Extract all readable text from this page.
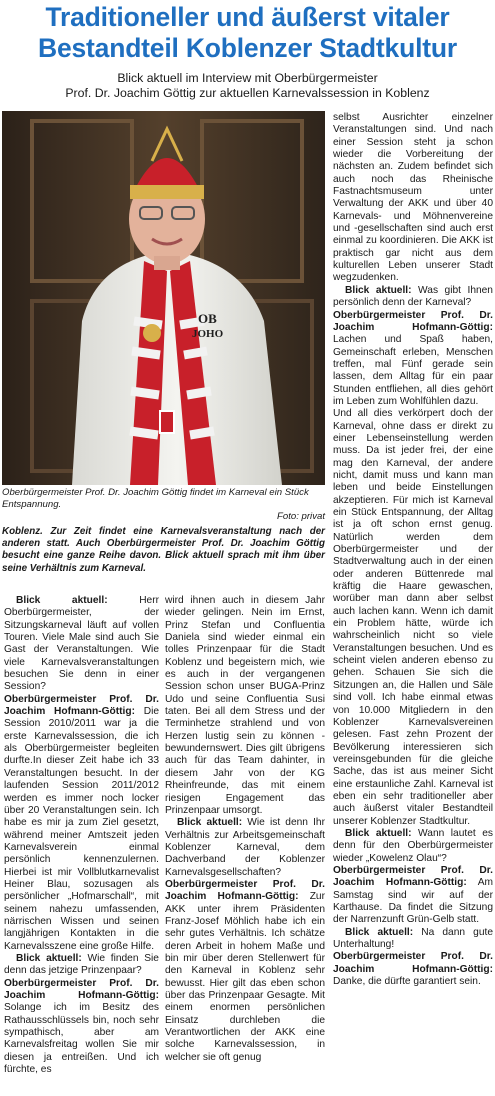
Traditioneller und äußerst vitaler
Bestandteil Koblenzer Stadtkultur
Blick aktuell im Interview mit Oberbürgermeister
Prof. Dr. Joachim Göttig zur aktuellen Karnevalssession in Koblenz
OB
JOHO
Oberbürgermeister Prof. Dr. Joachim Göttig findet im Karneval ein Stück Entspannung.
Foto: privat
Koblenz. Zur Zeit findet eine Karnevalsveranstaltung nach der anderen statt. Auch Oberbürgermeister Prof. Dr. Joachim Göttig besucht eine ganze Reihe davon. Blick aktuell sprach mit ihm über seine Verhältnis zum Karneval.

Blick aktuell: Herr Oberbürgermeister, der Sitzungskarneval läuft auf vollen Touren. Viele Male sind auch Sie Gast der Veranstaltungen. Wie viele Karnevalsveranstaltungen besuchen Sie denn in einer Session?

Oberbürgermeister Prof. Dr. Joachim Hofmann-Göttig: Die Session 2010/2011 war ja die erste Karnevalssession, die ich als Oberbürgermeister begleiten durfte.In dieser Zeit habe ich 33 Veranstaltungen besucht. In der laufenden Session 2011/2012 werden es immer noch locker über 20 Veranstaltungen sein. Ich habe es mir ja zum Ziel gesetzt, während meiner Amtszeit jeden Karnevalsverein einmal persönlich kennenzulernen. Hierbei ist mir Vollblutkarnevalist Heiner Blau, sozusagen als persönlicher „Hofmarschall“, mit seinem nahezu umfassenden, närrischen Wissen und seinen langjährigen Kontakten in die Karnevalsszene eine große Hilfe.

Blick aktuell: Wie finden Sie denn das jetzige Prinzenpaar?

Oberbürgermeister Prof. Dr. Joachim Hofmann-Göttig: Solange ich im Besitz des Rathausschlüssels bin, noch sehr sympathisch, aber am Karnevalsfreitag wollen Sie mir diesen ja entreißen. Und ich fürchte, es

wird ihnen auch in diesem Jahr wieder gelingen. Nein im Ernst, Prinz Stefan und Confluentia Daniela sind wieder einmal ein tolles Prinzenpaar für die Stadt Koblenz und begeistern mich, wie es auch in der vergangenen Session schon unser BUGA-Prinz Udo und seine Confluentia Susi taten. Bei all dem Stress und der Terminhetze strahlend und von Herzen lustig sein zu können - bewundernswert. Dies gilt übrigens auch für das Team dahinter, in diesem Jahr von der KG Rheinfreunde, das mit einem riesigen Engagement das Prinzenpaar umsorgt.

Blick aktuell: Wie ist denn Ihr Verhältnis zur Arbeitsgemeinschaft Koblenzer Karneval, dem Dachverband der Koblenzer Karnevalsgesellschaften?

Oberbürgermeister Prof. Dr. Joachim Hofmann-Göttig: Zur AKK unter ihrem Präsidenten Franz-Josef Möhlich habe ich ein sehr gutes Verhältnis. Ich schätze deren Arbeit in hohem Maße und bin mir über deren Stellenwert für den Karneval in Koblenz sehr bewusst. Hier gilt das eben schon über das Prinzenpaar Gesagte. Mit einem enormen persönlichen Einsatz durchleben die Verantwortlichen der AKK eine solche Karnevalssession, in welcher sie oft genug

selbst Ausrichter einzelner Veranstaltungen sind. Und nach einer Session steht ja schon wieder die Vorbereitung der nächsten an. Zudem befindet sich auch noch das Rheinische Fastnachtsmuseum unter Verwaltung der AKK und über 40 Karnevals- und Möhnenvereine und -gesellschaften sind auch erst einmal zu koordinieren. Die AKK ist praktisch gar nicht aus dem kulturellen Leben unserer Stadt wegzudenken.

Blick aktuell: Was gibt Ihnen persönlich denn der Karneval?

Oberbürgermeister Prof. Dr. Joachim Hofmann-Göttig: Lachen und Spaß haben, Gemeinschaft erleben, Menschen treffen, mal Fünf gerade sein lassen, dem Alltag für ein paar Stunden entfliehen, all dies gehört im Leben zum Wohlfühlen dazu.

Und all dies verkörpert doch der Karneval, ohne dass er direkt zu einer Lebenseinstellung werden muss. Da ist jeder frei, der eine mag den Karneval, der andere nicht, damit muss und kann man leben und beide Einstellungen akzeptieren. Für mich ist Karneval ein Stück Entspannung, der Alltag ist ja oft schon ernst genug. Natürlich werden dem Oberbürgermeister und der Stadtverwaltung auch in der einen oder anderen Büttenrede mal kräftig die Haare gewaschen, worüber man dann aber selbst auch lachen kann. Wenn ich damit ein Problem hätte, würde ich wahrscheinlich nicht so viele Veranstaltungen besuchen. Und es scheint vielen anderen ebenso zu gehen. Schauen Sie sich die Sitzungen an, die Hallen und Säle sind voll. Ich habe einmal etwas von 10.000 Mitgliedern in den Koblenzer Karnevalsvereinen gelesen. Fast zehn Prozent der Bevölkerung interessieren sich vereinsgebunden für die gleiche Sache, das ist aus meiner Sicht eine erstaunliche Zahl. Karneval ist eben ein sehr traditioneller aber auch äußerst vitaler Bestandteil unserer Koblenzer Stadtkultur.

Blick aktuell: Wann lautet es denn für den Oberbürgermeister wieder „Kowelenz Olau“?

Oberbürgermeister Prof. Dr. Joachim Hofmann-Göttig: Am Samstag sind wir auf der Karthause. Da findet die Sitzung der Narrenzunft Grün-Gelb statt.

Blick aktuell: Na dann gute Unterhaltung!

Oberbürgermeister Prof. Dr. Joachim Hofmann-Göttig: Danke, die dürfte garantiert sein.
